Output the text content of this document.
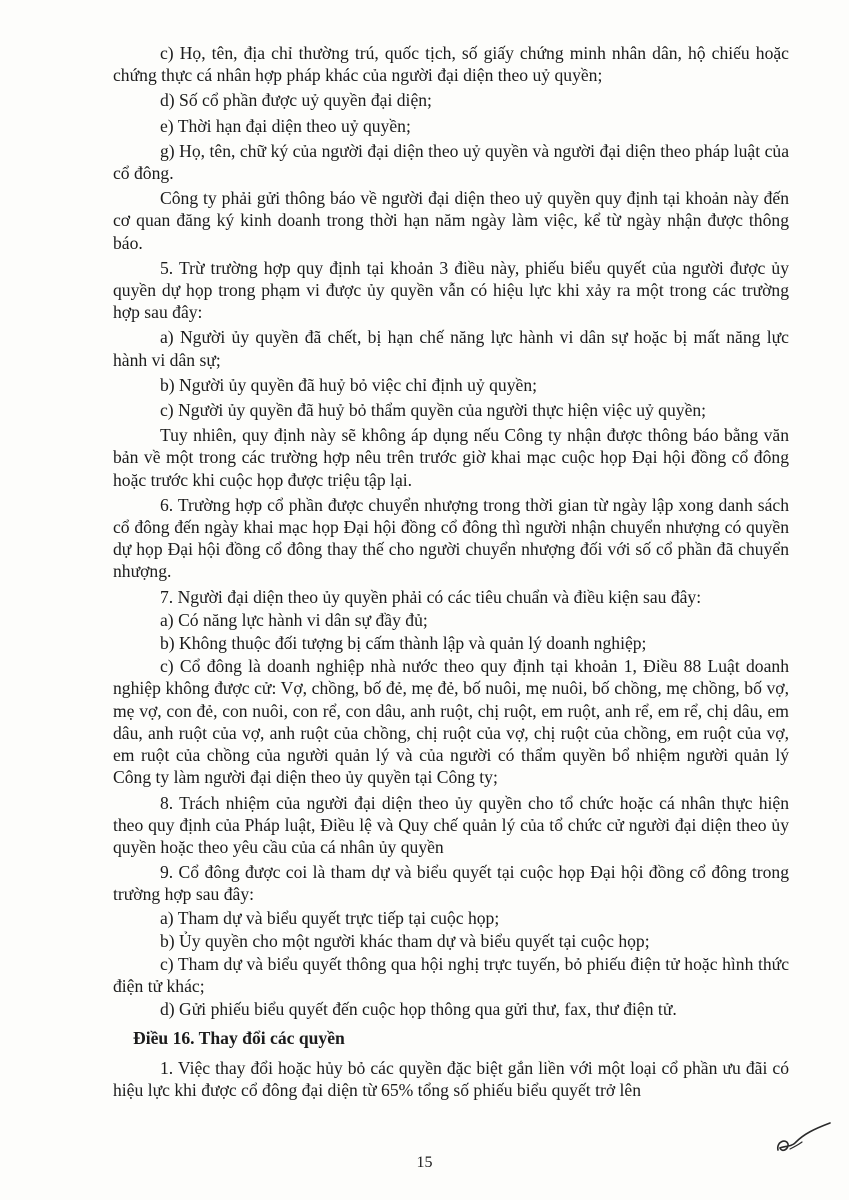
c) Họ, tên, địa chỉ thường trú, quốc tịch, số giấy chứng minh nhân dân, hộ chiếu hoặc chứng thực cá nhân hợp pháp khác của người đại diện theo uỷ quyền;

d) Số cổ phần được uỷ quyền đại diện;

e) Thời hạn đại diện theo uỷ quyền;

g) Họ, tên, chữ ký của người đại diện theo uỷ quyền và người đại diện theo pháp luật của cổ đông.

Công ty phải gửi thông báo về người đại diện theo uỷ quyền quy định tại khoản này đến cơ quan đăng ký kinh doanh trong thời hạn năm ngày làm việc, kể từ ngày nhận được thông báo.

5. Trừ trường hợp quy định tại khoản 3 điều này, phiếu biểu quyết của người được ủy quyền dự họp trong phạm vi được ủy quyền vẫn có hiệu lực khi xảy ra một trong các trường hợp sau đây:

a) Người ủy quyền đã chết, bị hạn chế năng lực hành vi dân sự hoặc bị mất năng lực hành vi dân sự;

b) Người ủy quyền đã huỷ bỏ việc chỉ định uỷ quyền;

c) Người ủy quyền đã huỷ bỏ thẩm quyền của người thực hiện việc uỷ quyền;

Tuy nhiên, quy định này sẽ không áp dụng nếu Công ty nhận được thông báo bằng văn bản về một trong các trường hợp nêu trên trước giờ khai mạc cuộc họp Đại hội đồng cổ đông hoặc trước khi cuộc họp được triệu tập lại.

6. Trường hợp cổ phần được chuyển nhượng trong thời gian từ ngày lập xong danh sách cổ đông đến ngày khai mạc họp Đại hội đồng cổ đông thì người nhận chuyển nhượng có quyền dự họp Đại hội đồng cổ đông thay thế cho người chuyển nhượng đối với số cổ phần đã chuyển nhượng.

7. Người đại diện theo ủy quyền phải có các tiêu chuẩn và điều kiện sau đây:

a) Có năng lực hành vi dân sự đầy đủ;

b) Không thuộc đối tượng bị cấm thành lập và quản lý doanh nghiệp;

c) Cổ đông là doanh nghiệp nhà nước theo quy định tại khoản 1, Điều 88 Luật doanh nghiệp không được cử: Vợ, chồng, bố đẻ, mẹ đẻ, bố nuôi, mẹ nuôi, bố chồng, mẹ chồng, bố vợ, mẹ vợ, con đẻ, con nuôi, con rể, con dâu, anh ruột, chị ruột, em ruột, anh rể, em rể, chị dâu, em dâu, anh ruột của vợ, anh ruột của chồng, chị ruột của vợ, chị ruột của chồng, em ruột của vợ, em ruột của chồng của người quản lý và của người có thẩm quyền bổ nhiệm người quản lý Công ty làm người đại diện theo ủy quyền tại Công ty;

8. Trách nhiệm của người đại diện theo ủy quyền cho tổ chức hoặc cá nhân thực hiện theo quy định của Pháp luật, Điều lệ và Quy chế quản lý của tổ chức cử người đại diện theo ủy quyền hoặc theo yêu cầu của cá nhân ủy quyền

9. Cổ đông được coi là tham dự và biểu quyết tại cuộc họp Đại hội đồng cổ đông trong trường hợp sau đây:

a) Tham dự và biểu quyết trực tiếp tại cuộc họp;

b) Ủy quyền cho một người khác tham dự và biểu quyết tại cuộc họp;

c) Tham dự và biểu quyết thông qua hội nghị trực tuyến, bỏ phiếu điện tử hoặc hình thức điện tử khác;

d) Gửi phiếu biểu quyết đến cuộc họp thông qua gửi thư, fax, thư điện tử.

Điều 16. Thay đổi các quyền

1. Việc thay đổi hoặc hủy bỏ các quyền đặc biệt gắn liền với một loại cổ phần ưu đãi có hiệu lực khi được cổ đông đại diện từ 65% tổng số phiếu biểu quyết trở lên

15
